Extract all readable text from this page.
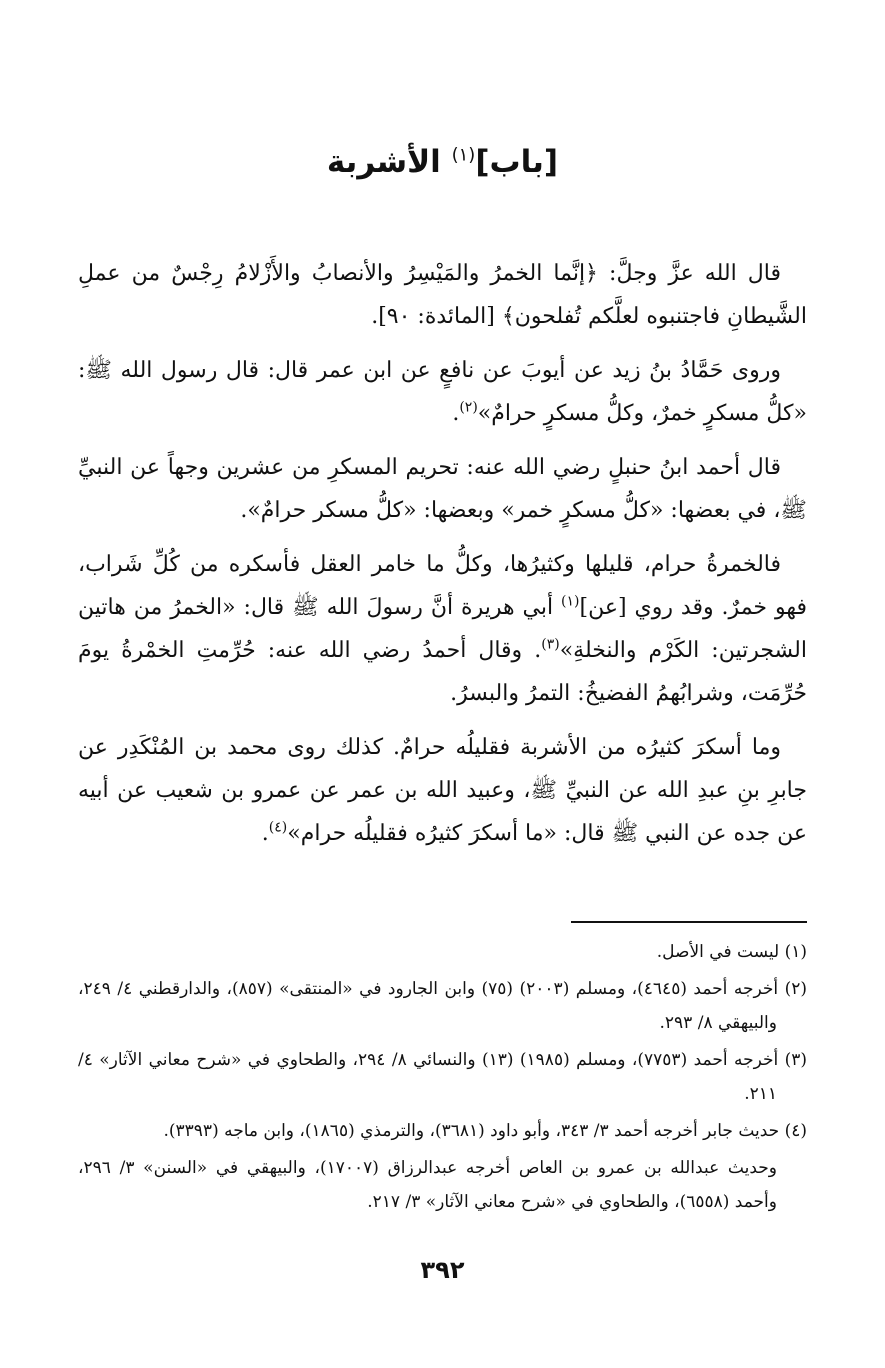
[باب]$^{(١)}$ الأشربة

قال الله عزَّ وجلَّ: ﴿إنَّما الخمرُ والمَيْسِرُ والأنصابُ والأَزْلامُ رِجْسٌ من عملِ الشَّيطانِ فاجتنبوه لعلَّكم تُفلحون﴾ [المائدة: ٩٠].

وروى حَمَّادُ بنُ زيد عن أيوبَ عن نافعٍ عن ابن عمر قال: قال رسول الله ﷺ: «كلُّ مسكرٍ خمرٌ، وكلُّ مسكرٍ حرامٌ»$^{(٢)}$.

قال أحمد ابنُ حنبلٍ رضي الله عنه: تحريم المسكرِ من عشرين وجهاً عن النبيِّ ﷺ، في بعضها: «كلُّ مسكرٍ خمر» وبعضها: «كلُّ مسكر حرامٌ».

فالخمرةُ حرام، قليلها وكثيرُها، وكلُّ ما خامر العقل فأسكره من كُلِّ شَراب، فهو خمرٌ. وقد روي [عن]$^{(١)}$ أبي هريرة أنَّ رسولَ الله ﷺ قال: «الخمرُ من هاتين الشجرتين: الكَرْم والنخلةِ»$^{(٣)}$. وقال أحمدُ رضي الله عنه: حُرِّمتِ الخمْرةُ يومَ حُرِّمَت، وشرابُهمُ الفضيخُ: التمرُ والبسرُ.

وما أسكرَ كثيرُه من الأشربة فقليلُه حرامٌ. كذلك روى محمد بن المُنْكَدِر عن جابرِ بنِ عبدِ الله عن النبيِّ ﷺ، وعبيد الله بن عمر عن عمرو بن شعيب عن أبيه عن جده عن النبي ﷺ قال: «ما أسكرَ كثيرُه فقليلُه حرام»$^{(٤)}$.

(١) ليست في الأصل.

(٢) أخرجه أحمد (٤٦٤٥)، ومسلم (٢٠٠٣) (٧٥) وابن الجارود في «المنتقى» (٨٥٧)، والدارقطني ٤/ ٢٤٩، والبيهقي ٨/ ٢٩٣.

(٣) أخرجه أحمد (٧٧٥٣)، ومسلم (١٩٨٥) (١٣) والنسائي ٨/ ٢٩٤، والطحاوي في «شرح معاني الآثار» ٤/ ٢١١.

(٤) حديث جابر أخرجه أحمد ٣/ ٣٤٣، وأبو داود (٣٦٨١)، والترمذي (١٨٦٥)، وابن ماجه (٣٣٩٣).

وحديث عبدالله بن عمرو بن العاص أخرجه عبدالرزاق (١٧٠٠٧)، والبيهقي في «السنن» ٣/ ٢٩٦، وأحمد (٦٥٥٨)، والطحاوي في «شرح معاني الآثار» ٣/ ٢١٧.

٣٩٢
